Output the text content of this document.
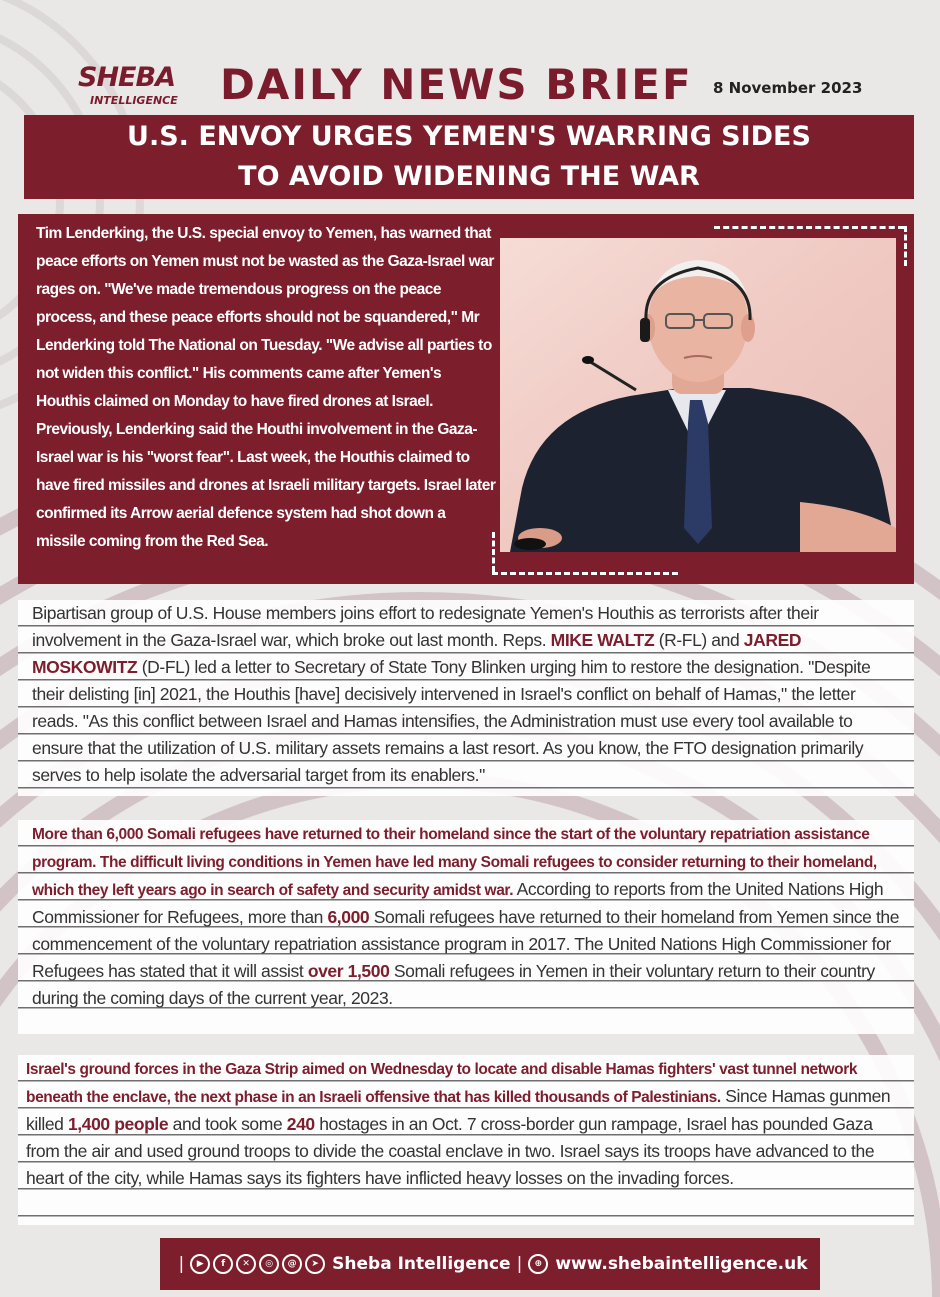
SHEBA
INTELLIGENCE DAILY NEWS BRIEF 8 November 2023
U.S. ENVOY URGES YEMEN'S WARRING SIDES
TO AVOID WIDENING THE WAR
Tim Lenderking, the U.S. special envoy to Yemen, has warned that peace efforts on Yemen must not be wasted as the Gaza-Israel war rages on. "We've made tremendous progress on the peace process, and these peace efforts should not be squandered," Mr Lenderking told The National on Tuesday. "We advise all parties to not widen this conflict." His comments came after Yemen's Houthis claimed on Monday to have fired drones at Israel. Previously, Lenderking said the Houthi involvement in the Gaza-Israel war is his "worst fear". Last week, the Houthis claimed to have fired missiles and drones at Israeli military targets. Israel later confirmed its Arrow aerial defence system had shot down a missile coming from the Red Sea.

Bipartisan group of U.S. House members joins effort to redesignate Yemen's Houthis as terrorists after their involvement in the Gaza-Israel war, which broke out last month. Reps. MIKE WALTZ (R-FL) and JARED MOSKOWITZ (D-FL) led a letter to Secretary of State Tony Blinken urging him to restore the designation. "Despite their delisting [in] 2021, the Houthis [have] decisively intervened in Israel's conflict on behalf of Hamas," the letter reads. "As this conflict between Israel and Hamas intensifies, the Administration must use every tool available to ensure that the utilization of U.S. military assets remains a last resort. As you know, the FTO designation primarily serves to help isolate the adversarial target from its enablers."

More than 6,000 Somali refugees have returned to their homeland since the start of the voluntary repatriation assistance program. The difficult living conditions in Yemen have led many Somali refugees to consider returning to their homeland, which they left years ago in search of safety and security amidst war. According to reports from the United Nations High Commissioner for Refugees, more than 6,000 Somali refugees have returned to their homeland from Yemen since the commencement of the voluntary repatriation assistance program in 2017. The United Nations High Commissioner for Refugees has stated that it will assist over 1,500 Somali refugees in Yemen in their voluntary return to their country during the coming days of the current year, 2023.

Israel's ground forces in the Gaza Strip aimed on Wednesday to locate and disable Hamas fighters' vast tunnel network beneath the enclave, the next phase in an Israeli offensive that has killed thousands of Palestinians. Since Hamas gunmen killed 1,400 people and took some 240 hostages in an Oct. 7 cross-border gun rampage, Israel has pounded Gaza from the air and used ground troops to divide the coastal enclave in two. Israel says its troops have advanced to the heart of the city, while Hamas says its fighters have inflicted heavy losses on the invading forces.

|	▶	f	✕	◎	@	➤ Sheba Intelligence |	⊕ www.shebaintelligence.uk
